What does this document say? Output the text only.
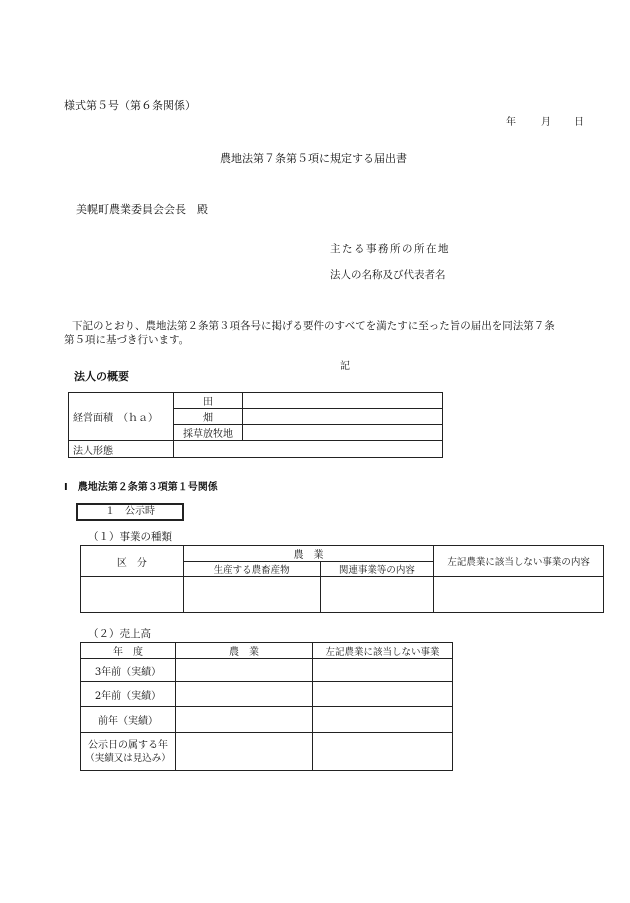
様式第５号（第６条関係）
年	月 日
農地法第７条第５項に規定する届出書
美幌町農業委員会会長　殿
主たる事務所の所在地
法人の名称及び代表者名
下記のとおり、農地法第２条第３項各号に掲げる要件のすべてを満たすに至った旨の届出を同法第７条
第５項に基づき行います。
記
法人の概要
経営面積　（ｈａ）	田	
	畑	
	採草放牧地	
法人形態		
Ⅰ　農地法第２条第３項第１号関係
１　公示時
（１）事業の種類
区　分	農　業		左記農業に該当しない事業の内容
	生産する農畜産物	関連事業等の内容	

（２）売上高
年　度	農　業	左記農業に該当しない事業
3年前（実績）		
2年前（実績）		
前年（実績）		

公示日の属する年
（実績又は見込み）		
